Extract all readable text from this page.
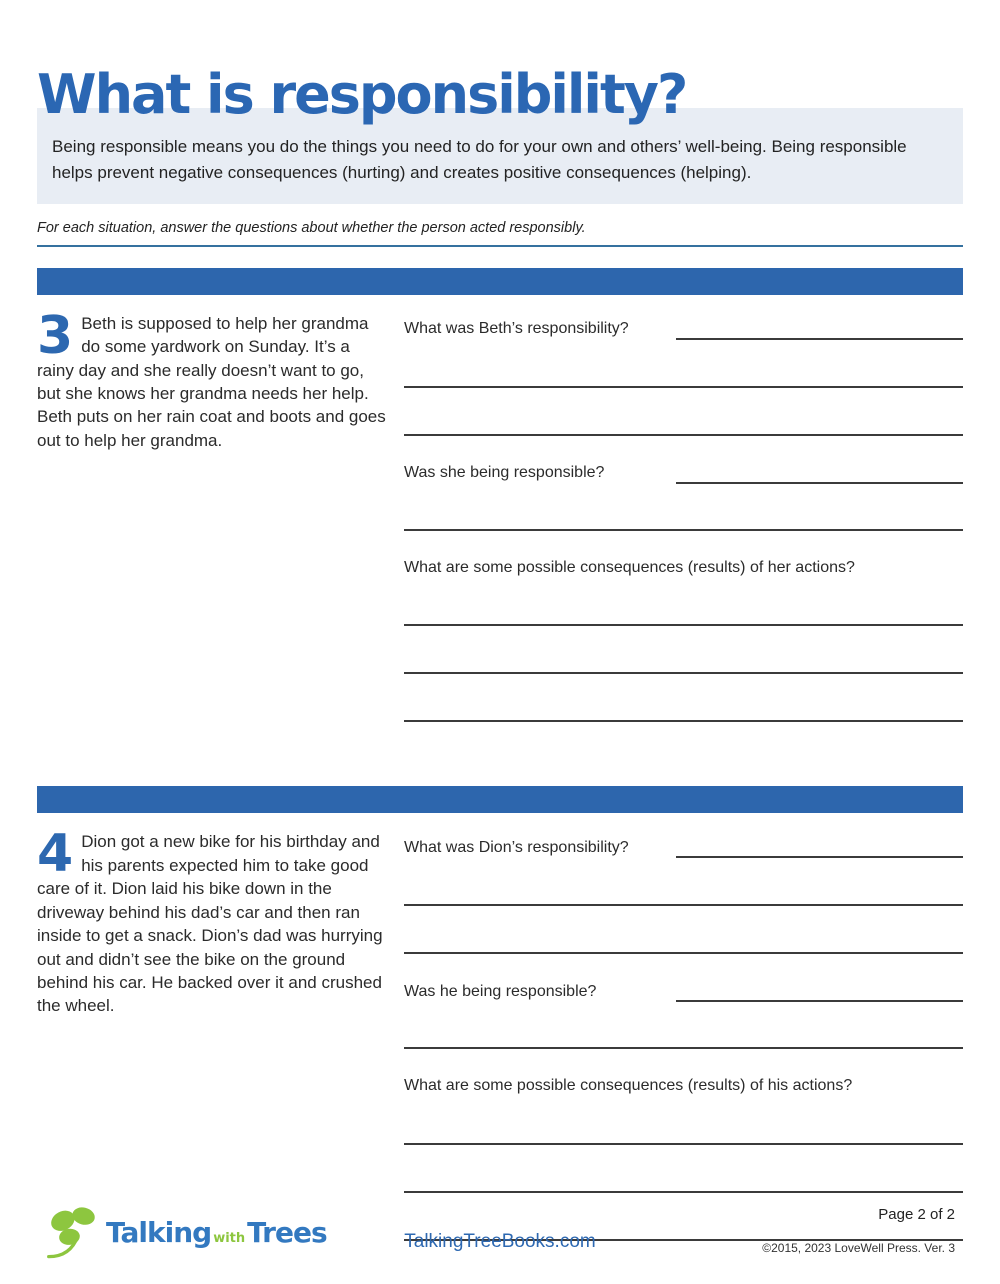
What is responsibility?
Being responsible means you do the things you need to do for your own and others’ well-being. Being responsible helps prevent negative consequences (hurting) and creates positive consequences (helping).
For each situation, answer the questions about whether the person acted responsibly.
3 Beth is supposed to help her grandma do some yardwork on Sunday. It’s a rainy day and she really doesn’t want to go, but she knows her grandma needs her help. Beth puts on her rain coat and boots and goes out to help her grandma.
What was Beth’s responsibility?
Was she being responsible?
What are some possible consequences (results) of her actions?
4 Dion got a new bike for his birthday and his parents expected him to take good care of it. Dion laid his bike down in the driveway behind his dad’s car and then ran inside to get a snack. Dion’s dad was hurrying out and didn’t see the bike on the ground behind his car. He backed over it and crushed the wheel.
What was Dion’s responsibility?
Was he being responsible?
What are some possible consequences (results) of his actions?
Talking with Trees	TalkingTreeBooks.com
Page 2 of 2
©2015, 2023 LoveWell Press. Ver. 3
